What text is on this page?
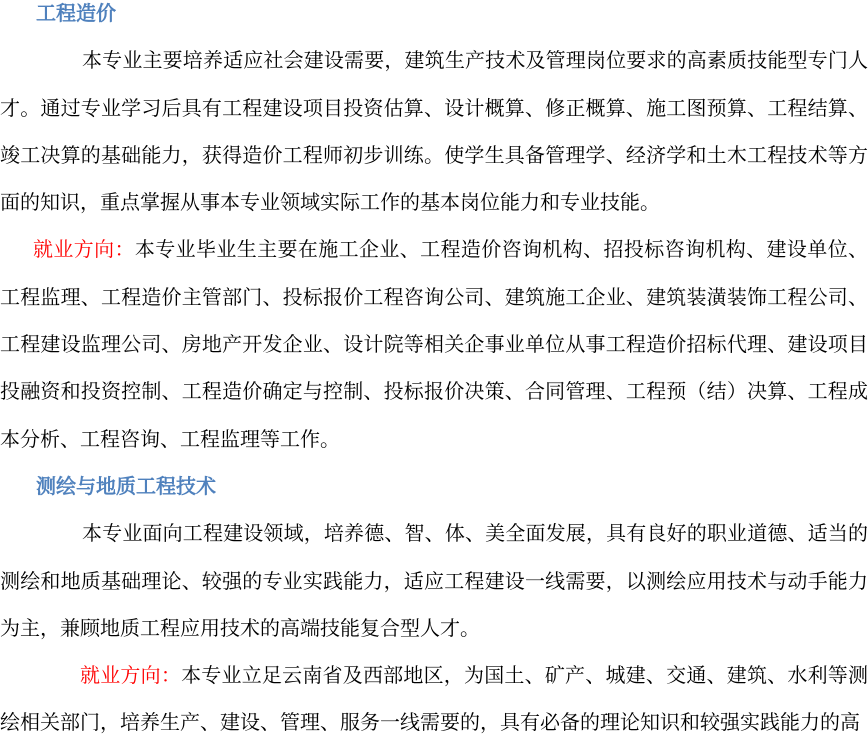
工程造价

本专业主要培养适应社会建设需要，建筑生产技术及管理岗位要求的高素质技能型专门人才。通过专业学习后具有工程建设项目投资估算、设计概算、修正概算、施工图预算、工程结算、竣工决算的基础能力，获得造价工程师初步训练。使学生具备管理学、经济学和土木工程技术等方面的知识，重点掌握从事本专业领域实际工作的基本岗位能力和专业技能。

就业方向：本专业毕业生主要在施工企业、工程造价咨询机构、招投标咨询机构、建设单位、工程监理、工程造价主管部门、投标报价工程咨询公司、建筑施工企业、建筑装潢装饰工程公司、工程建设监理公司、房地产开发企业、设计院等相关企事业单位从事工程造价招标代理、建设项目投融资和投资控制、工程造价确定与控制、投标报价决策、合同管理、工程预（结）决算、工程成本分析、工程咨询、工程监理等工作。

测绘与地质工程技术

本专业面向工程建设领域，培养德、智、体、美全面发展，具有良好的职业道德、适当的测绘和地质基础理论、较强的专业实践能力，适应工程建设一线需要，以测绘应用技术与动手能力为主，兼顾地质工程应用技术的高端技能复合型人才。

就业方向：本专业立足云南省及西部地区，为国土、矿产、城建、交通、建筑、水利等测绘相关部门，培养生产、建设、管理、服务一线需要的，具有必备的理论知识和较强实践能力的高
